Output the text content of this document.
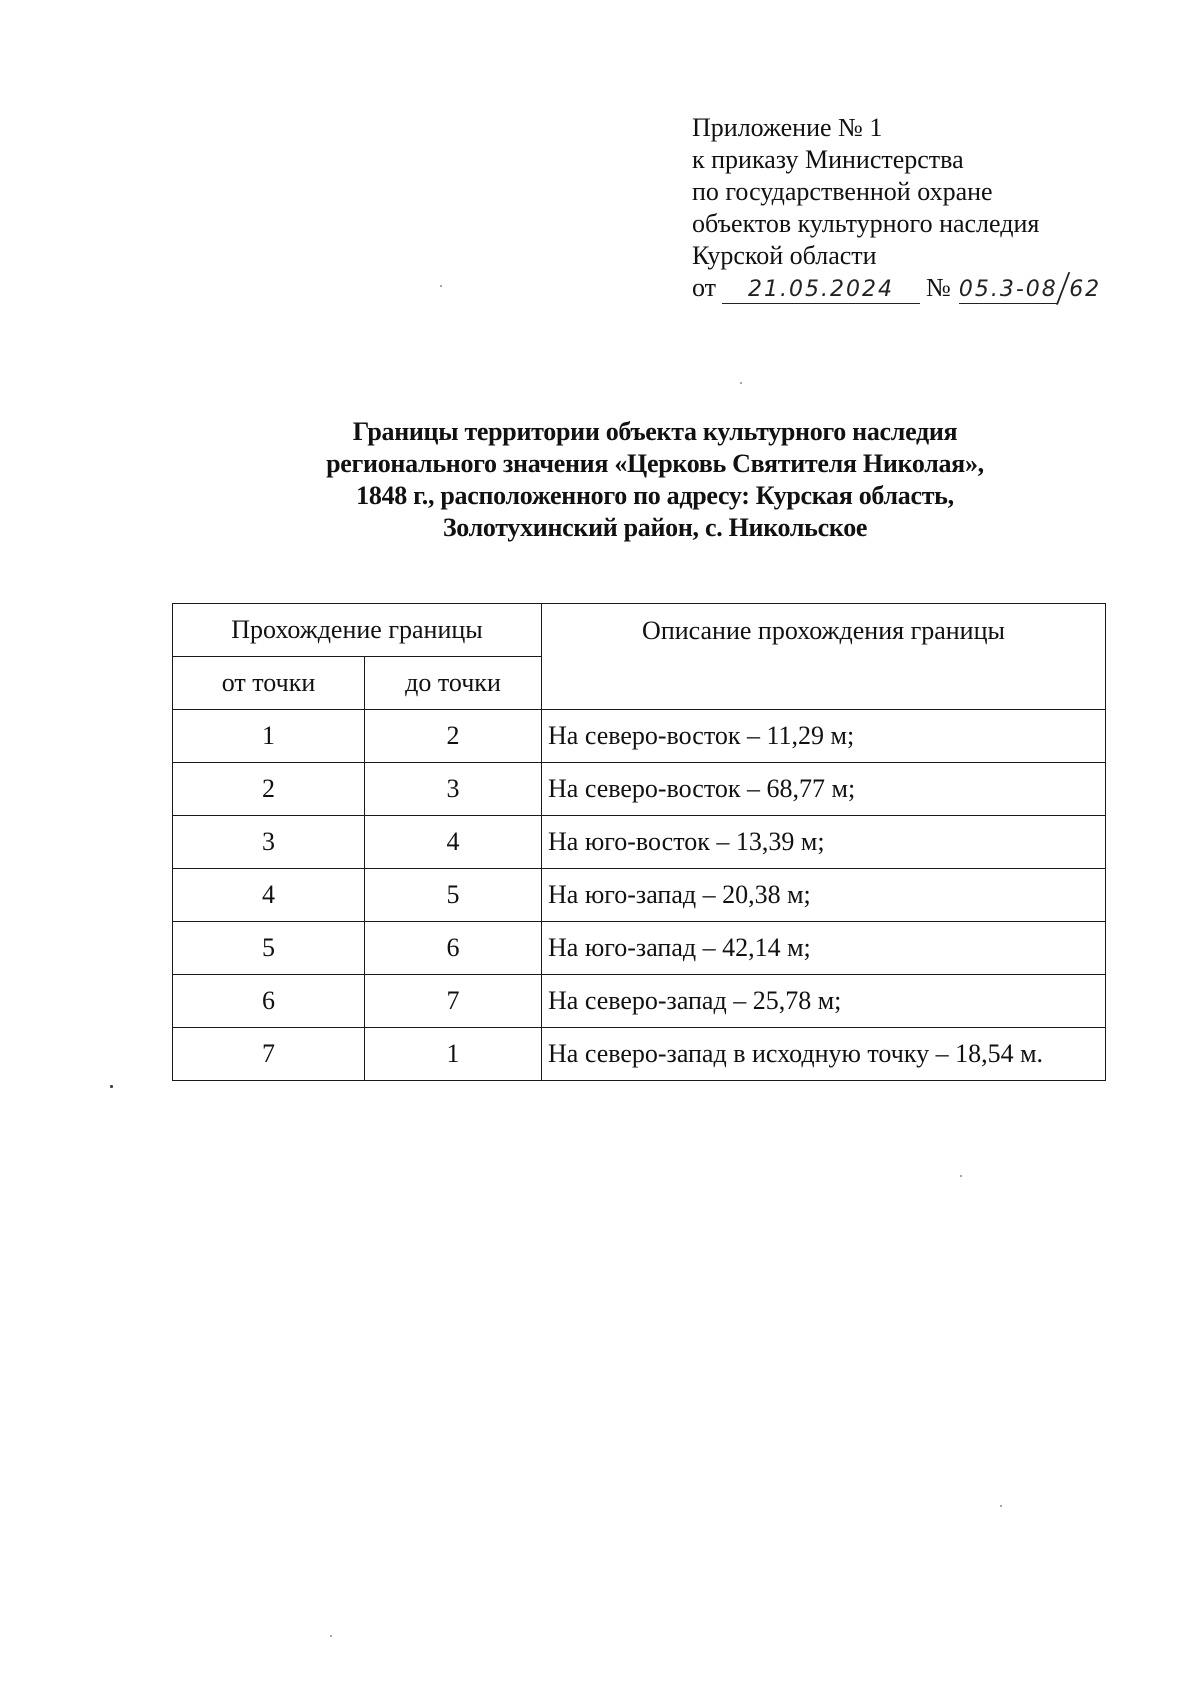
Приложение № 1
к приказу Министерства
по государственной охране
объектов культурного наследия
Курской области
от 21.05.2024 № 05.3-08/62
Границы территории объекта культурного наследия
регионального значения «Церковь Святителя Николая»,
1848 г., расположенного по адресу: Курская область,
Золотухинский район, с. Никольское
Прохождение границы		Описание прохождения границы
от точки	до точки	
1	2	На северо-восток – 11,29 м;
2	3	На северо-восток – 68,77 м;
3	4	На юго-восток – 13,39 м;
4	5	На юго-запад – 20,38 м;
5	6	На юго-запад – 42,14 м;
6	7	На северо-запад – 25,78 м;
7	1	На северо-запад в исходную точку – 18,54 м.
